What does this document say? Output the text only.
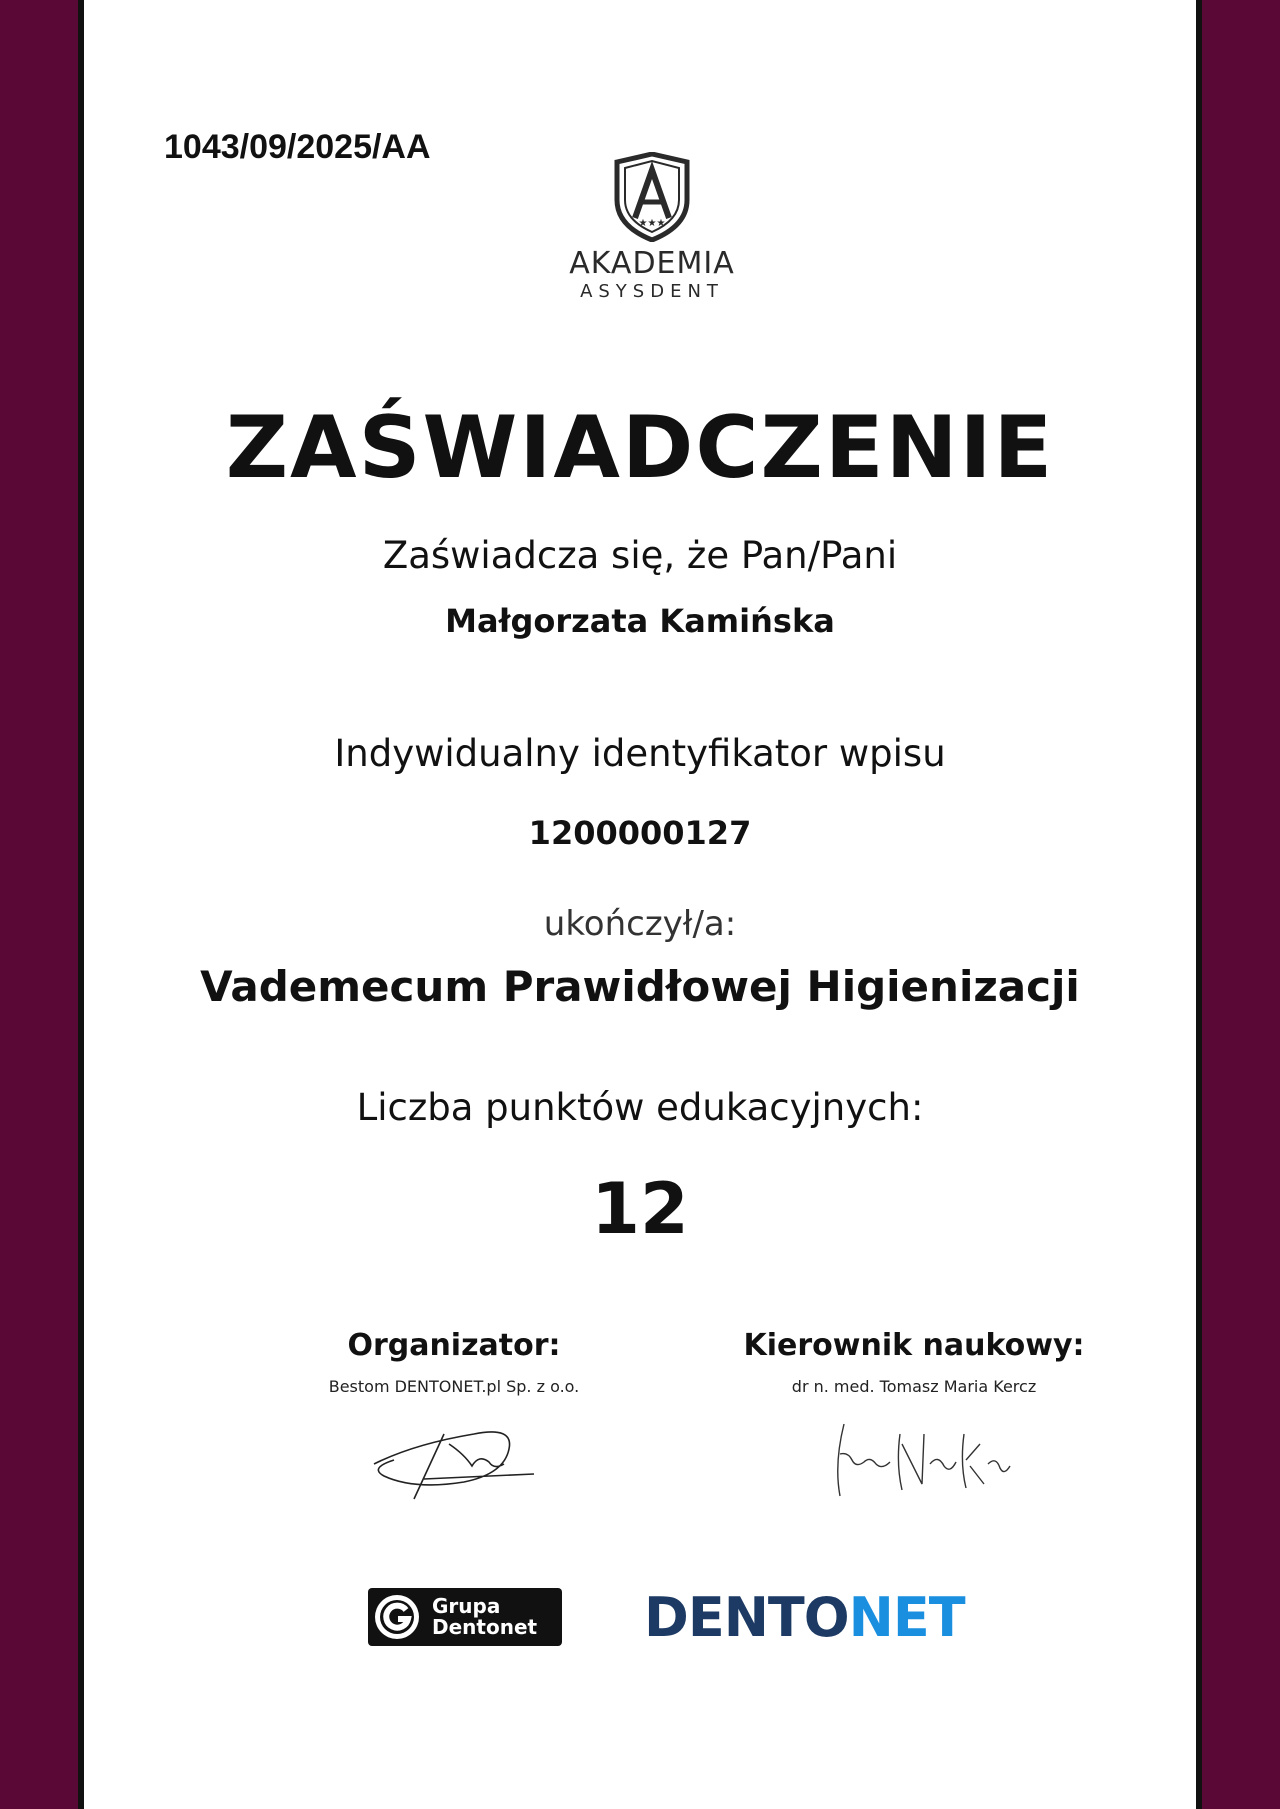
1043/09/2025/AA
★★★
AKADEMIA
ASYSDENT
ZAŚWIADCZENIE
Zaświadcza się, że Pan/Pani
Małgorzata Kamińska
Indywidualny identyfikator wpisu
1200000127
ukończył/a:
Vademecum Prawidłowej Higienizacji
Liczba punktów edukacyjnych:
12
Organizator:
Bestom DENTONET.pl Sp. z o.o.
Kierownik naukowy:
dr n. med. Tomasz Maria Kercz
Grupa
Dentonet DENTONET
